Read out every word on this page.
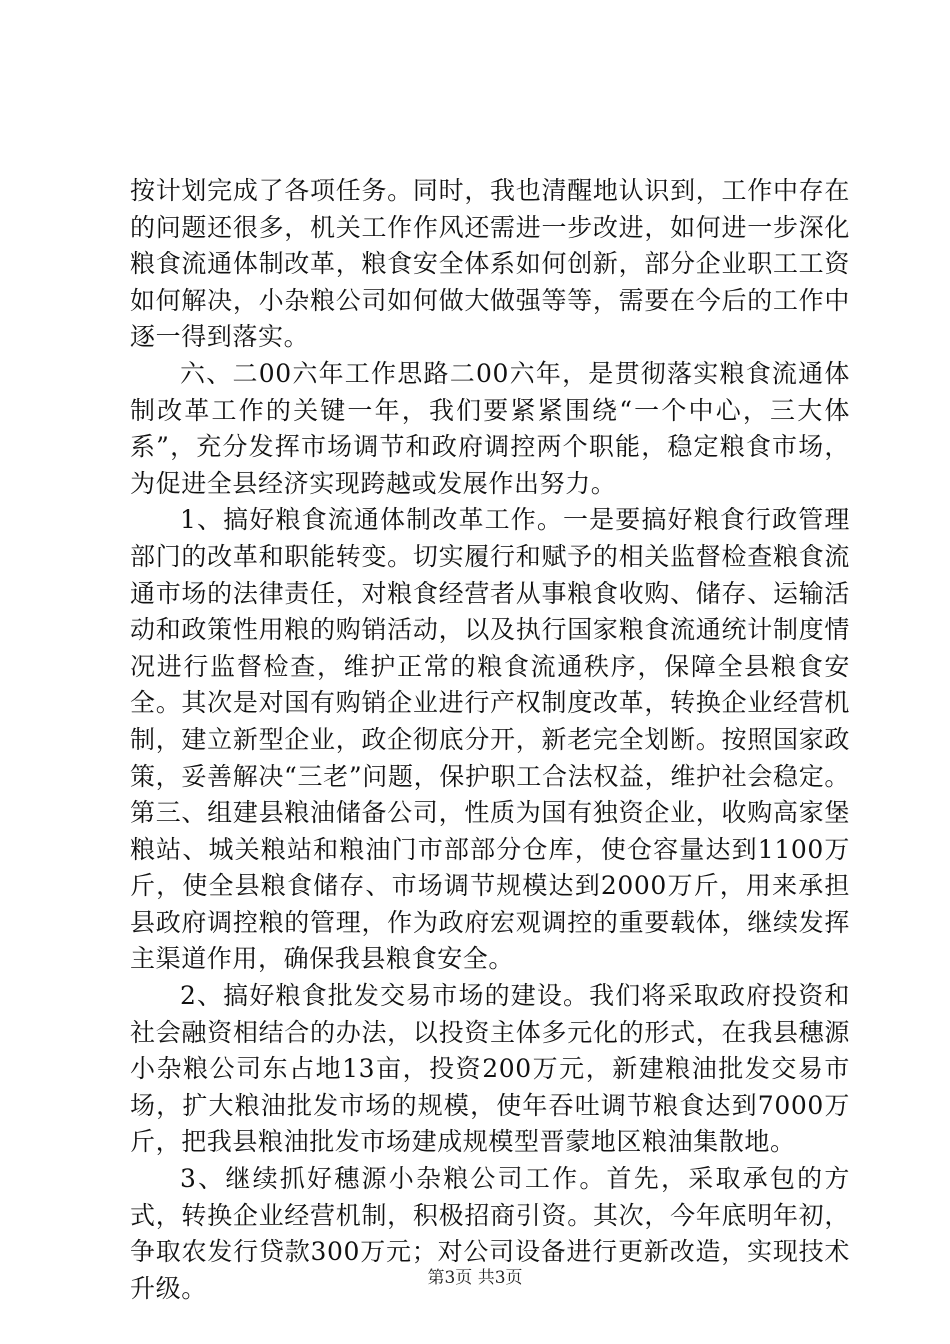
按计划完成了各项任务。同时，我也清醒地认识到，工作中存在的问题还很多，机关工作作风还需进一步改进，如何进一步深化粮食流通体制改革，粮食安全体系如何创新，部分企业职工工资如何解决，小杂粮公司如何做大做强等等，需要在今后的工作中逐一得到落实。

六、二00六年工作思路二00六年，是贯彻落实粮食流通体制改革工作的关键一年，我们要紧紧围绕“一个中心，三大体系”，充分发挥市场调节和政府调控两个职能，稳定粮食市场，为促进全县经济实现跨越或发展作出努力。

1、搞好粮食流通体制改革工作。一是要搞好粮食行政管理部门的改革和职能转变。切实履行和赋予的相关监督检查粮食流通市场的法律责任，对粮食经营者从事粮食收购、储存、运输活动和政策性用粮的购销活动，以及执行国家粮食流通统计制度情况进行监督检查，维护正常的粮食流通秩序，保障全县粮食安全。其次是对国有购销企业进行产权制度改革，转换企业经营机制，建立新型企业，政企彻底分开，新老完全划断。按照国家政策，妥善解决“三老”问题，保护职工合法权益，维护社会稳定。第三、组建县粮油储备公司，性质为国有独资企业，收购高家堡粮站、城关粮站和粮油门市部部分仓库，使仓容量达到1100万斤，使全县粮食储存、市场调节规模达到2000万斤，用来承担县政府调控粮的管理，作为政府宏观调控的重要载体，继续发挥主渠道作用，确保我县粮食安全。

2、搞好粮食批发交易市场的建设。我们将采取政府投资和社会融资相结合的办法，以投资主体多元化的形式，在我县穗源小杂粮公司东占地13亩，投资200万元，新建粮油批发交易市场，扩大粮油批发市场的规模，使年吞吐调节粮食达到7000万斤，把我县粮油批发市场建成规模型晋蒙地区粮油集散地。

3、继续抓好穗源小杂粮公司工作。首先，采取承包的方式，转换企业经营机制，积极招商引资。其次，今年底明年初，争取农发行贷款300万元；对公司设备进行更新改造，实现技术升级。	第3页 共3页
